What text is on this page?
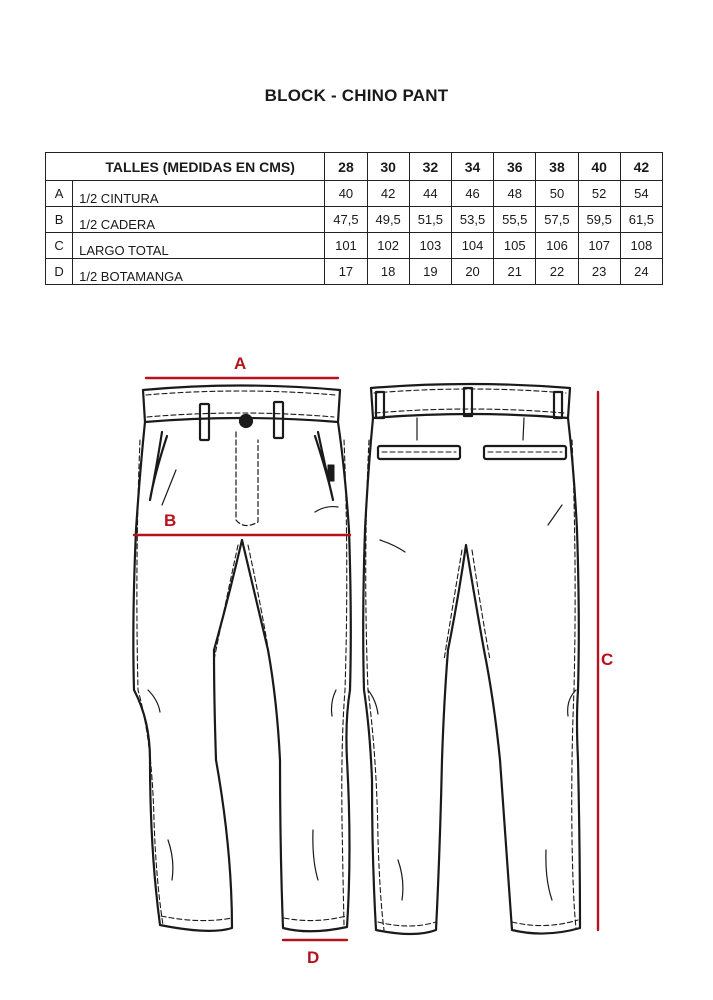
BLOCK - CHINO PANT
TALLES (MEDIDAS EN CMS)		28	30	32	34	36	38	40	42
A	1/2 CINTURA	40	42	44	46	48	50	52	54
B	1/2 CADERA	47,5	49,5	51,5	53,5	55,5	57,5	59,5	61,5
C	LARGO TOTAL	101	102	103	104	105	106	107	108
D	1/2 BOTAMANGA	17	18	19	20	21	22	23	24
A
B
C
D
